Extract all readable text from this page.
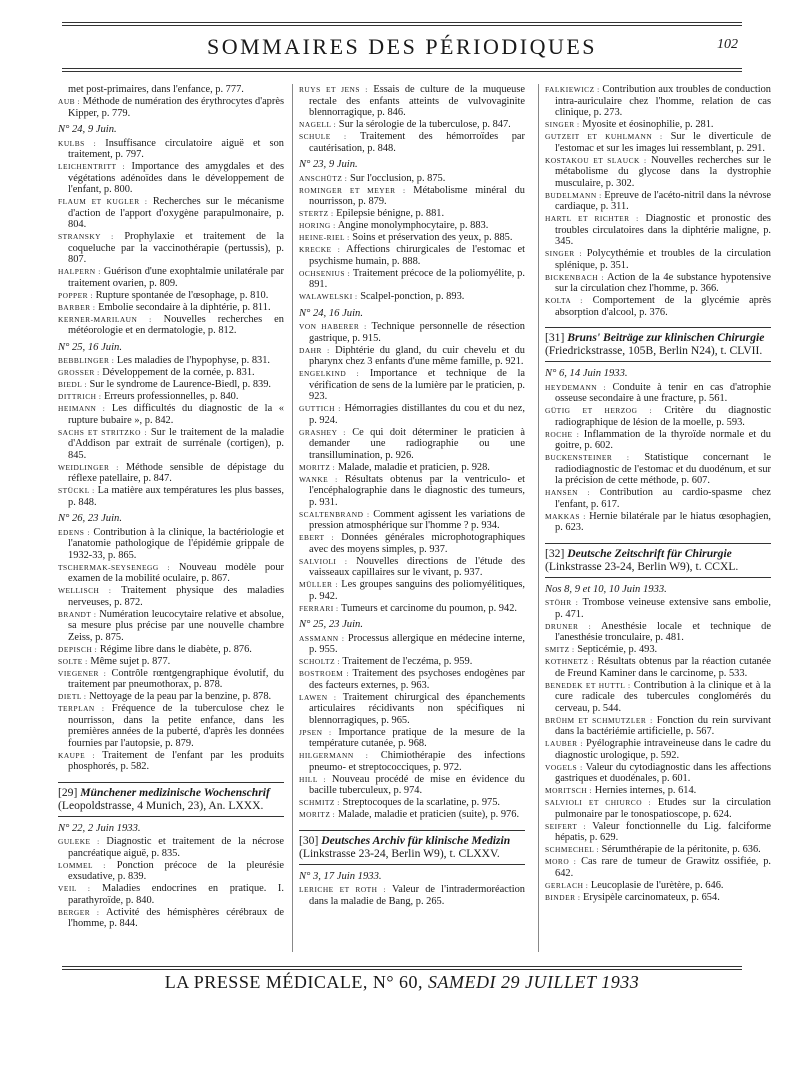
SOMMAIRES DES PÉRIODIQUES	102
met post-primaires, dans l'enfance, p. 777.
AUB : Méthode de numération des érythrocytes d'après Kipper, p. 779.
N° 24, 9 Juin.
KULBS : Insuffisance circulatoire aiguë et son traitement, p. 797.
LEICHENTRITT : Importance des amygdales et des végétations adénoïdes dans le développement de l'enfant, p. 800.
FLAUM ET KUGLER : Recherches sur le mécanisme d'action de l'apport d'oxygène parapulmonaire, p. 804.
STRANSKY : Prophylaxie et traitement de la coqueluche par la vaccinothérapie (pertussis), p. 807.
HALPERN : Guérison d'une exophtalmie unilatérale par traitement ovarien, p. 809.
POPPER : Rupture spontanée de l'œsophage, p. 810.
BARBER : Embolie secondaire à la diphtérie, p. 811.
KERNER-MARILAUN : Nouvelles recherches en météorologie et en dermatologie, p. 812.
N° 25, 16 Juin.
BEBBLINGER : Les maladies de l'hypophyse, p. 831.
GROSSER : Développement de la cornée, p. 831.
BIEDL : Sur le syndrome de Laurence-Biedl, p. 839.
DITTRICH : Erreurs professionnelles, p. 840.
HEIMANN : Les difficultés du diagnostic de la « rupture bubaire », p. 842.
SACHS ET STRITZKO : Sur le traitement de la maladie d'Addison par extrait de surrénale (cortigen), p. 845.
WEIDLINGER : Méthode sensible de dépistage du réflexe patellaire, p. 847.
STÜCKL : La matière aux températures les plus basses, p. 848.
N° 26, 23 Juin.
EDENS : Contribution à la clinique, la bactériologie et l'anatomie pathologique de l'épidémie grippale de 1932-33, p. 865.
TSCHERMAK-SEYSENEGG : Nouveau modèle pour examen de la mobilité oculaire, p. 867.
WELLISCH : Traitement physique des maladies nerveuses, p. 872.
BRANDT : Numération leucocytaire relative et absolue, sa mesure plus précise par une nouvelle chambre Zeiss, p. 875.
DEPISCH : Régime libre dans le diabète, p. 876.
SOLTE : Même sujet p. 877.
VIEGENER : Contrôle rœntgengraphique évolutif, du traitement par pneumothorax, p. 878.
DIETL : Nettoyage de la peau par la benzine, p. 878.
TERPLAN : Fréquence de la tuberculose chez le nourrisson, dans la petite enfance, dans les premières années de la puberté, d'après les données fournies par l'autopsie, p. 879.
KAUPE : Traitement de l'enfant par les produits phosphorés, p. 582.
[29] Münchener medizinische Wochenschrif (Leopoldstrasse, 4 Munich, 23), An. LXXX.
N° 22, 2 Juin 1933.
GULEKE : Diagnostic et traitement de la nécrose pancréatique aiguë, p. 835.
LOMMEL : Ponction précoce de la pleurésie exsudative, p. 839.
VEIL : Maladies endocrines en pratique. I. parathyroïde, p. 840.
BERGER : Activité des hémisphères cérébraux de l'homme, p. 844.
RUYS ET JENS : Essais de culture de la muqueuse rectale des enfants atteints de vulvovaginite blennorragique, p. 846.
NAGELL : Sur la sérologie de la tuberculose, p. 847.
SCHULE : Traitement des hémorroïdes par cautérisation, p. 848.
N° 23, 9 Juin.
ANSCHÜTZ : Sur l'occlusion, p. 875.
ROMINGER ET MEYER : Métabolisme minéral du nourrisson, p. 879.
STERTZ : Epilepsie bénigne, p. 881.
HORING : Angine monolymphocytaire, p. 883.
HEINE-RIEL : Soins et préservation des yeux, p. 885.
KRECKE : Affections chirurgicales de l'estomac et psychisme humain, p. 888.
OCHSENIUS : Traitement précoce de la poliomyélite, p. 891.
WALAWELSKI : Scalpel-ponction, p. 893.
N° 24, 16 Juin.
VON HABERER : Technique personnelle de résection gastrique, p. 915.
DAHR : Diphtérie du gland, du cuir chevelu et du pharynx chez 3 enfants d'une même famille, p. 921.
ENGELKIND : Importance et technique de la vérification de sens de la lumière par le praticien, p. 923.
GUTTICH : Hémorragies distillantes du cou et du nez, p. 924.
GRASHEY : Ce qui doit déterminer le praticien à demander une radiographie ou une transillumination, p. 926.
MORITZ : Malade, maladie et praticien, p. 928.
WANKE : Résultats obtenus par la ventriculo- et l'encéphalographie dans le diagnostic des tumeurs, p. 931.
SCALTENBRAND : Comment agissent les variations de pression atmosphérique sur l'homme ? p. 934.
EBERT : Données générales microphotographiques avec des moyens simples, p. 937.
SALVIOLI : Nouvelles directions de l'étude des vaisseaux capillaires sur le vivant, p. 937.
MÜLLER : Les groupes sanguins des poliomyélitiques, p. 942.
FERRARI : Tumeurs et carcinome du poumon, p. 942.
N° 25, 23 Juin.
ASSMANN : Processus allergique en médecine interne, p. 955.
SCHOLTZ : Traitement de l'eczéma, p. 959.
BOSTROEM : Traitement des psychoses endogènes par des facteurs externes, p. 963.
LAWEN : Traitement chirurgical des épanchements articulaires récidivants non spécifiques ni blennorragiques, p. 965.
JPSEN : Importance pratique de la mesure de la température cutanée, p. 968.
HILGERMANN : Chimiothérapie des infections pneumo- et streptococciques, p. 972.
HILL : Nouveau procédé de mise en évidence du bacille tuberculeux, p. 974.
SCHMITZ : Streptocoques de la scarlatine, p. 975.
MORITZ : Malade, maladie et praticien (suite), p. 976.
[30] Deutsches Archiv für klinische Medizin (Linkstrasse 23-24, Berlin W9), t. CLXXV.
N° 3, 17 Juin 1933.
LERICHE ET ROTH : Valeur de l'intradermoréaction dans la maladie de Bang, p. 265.
FALKIEWICZ : Contribution aux troubles de conduction intra-auriculaire chez l'homme, relation de cas clinique, p. 273.
SINGER : Myosite et éosinophilie, p. 281.
GUTZEIT ET KUHLMANN : Sur le diverticule de l'estomac et sur les images lui ressemblant, p. 291.
KOSTAKOU ET SLAUCK : Nouvelles recherches sur le métabolisme du glycose dans la dystrophie musculaire, p. 302.
BUDELMANN : Epreuve de l'acéto-nitril dans la névrose cardiaque, p. 311.
HARTL ET RICHTER : Diagnostic et pronostic des troubles circulatoires dans la diphtérie maligne, p. 345.
SINGER : Polycythémie et troubles de la circulation splénique, p. 351.
BICKENBACH : Action de la 4e substance hypotensive sur la circulation chez l'homme, p. 366.
KOLTA : Comportement de la glycémie après absorption d'alcool, p. 376.
[31] Bruns' Beiträge zur klinischen Chirurgie (Friedrickstrasse, 105B, Berlin N24), t. CLVII.
N° 6, 14 Juin 1933.
HEYDEMANN : Conduite à tenir en cas d'atrophie osseuse secondaire à une fracture, p. 561.
GÜTIG ET HERZOG : Critère du diagnostic radiographique de lésion de la moelle, p. 593.
ROCHE : Inflammation de la thyroïde normale et du goitre, p. 602.
BUCKENSTEINER : Statistique concernant le radiodiagnostic de l'estomac et du duodénum, et sur la précision de cette méthode, p. 607.
HANSEN : Contribution au cardio-spasme chez l'enfant, p. 617.
MAKKAS : Hernie bilatérale par le hiatus œsophagien, p. 623.
[32] Deutsche Zeitschrift für Chirurgie (Linkstrasse 23-24, Berlin W9), t. CCXL.
Nos 8, 9 et 10, 10 Juin 1933.
STÖHR : Trombose veineuse extensive sans embolie, p. 471.
DRUNER : Anesthésie locale et technique de l'anesthésie tronculaire, p. 481.
SMITZ : Septicémie, p. 493.
KOTHNETZ : Résultats obtenus par la réaction cutanée de Freund Kaminer dans le carcinome, p. 533.
BENEDEK ET HUTTL : Contribution à la clinique et à la cure radicale des tubercules conglomérés du cerveau, p. 544.
BRÜHM ET SCHMUTZLER : Fonction du rein survivant dans la bactériémie artificielle, p. 567.
LAUBER : Pyélographie intraveineuse dans le cadre du diagnostic urologique, p. 592.
VOGELS : Valeur du cytodiagnostic dans les affections gastriques et duodénales, p. 601.
MORITSCH : Hernies internes, p. 614.
SALVIOLI ET CHIURCO : Etudes sur la circulation pulmonaire par le tonospatioscope, p. 624.
SEIFERT : Valeur fonctionnelle du Lig. falciforme hépatis, p. 629.
SCHMECHEL : Sérumthérapie de la péritonite, p. 636.
MORO : Cas rare de tumeur de Grawitz ossifiée, p. 642.
GERLACH : Leucoplasie de l'urètère, p. 646.
BINDER : Erysipèle carcinomateux, p. 654.
LA PRESSE MÉDICALE, N° 60, SAMEDI 29 JUILLET 1933
